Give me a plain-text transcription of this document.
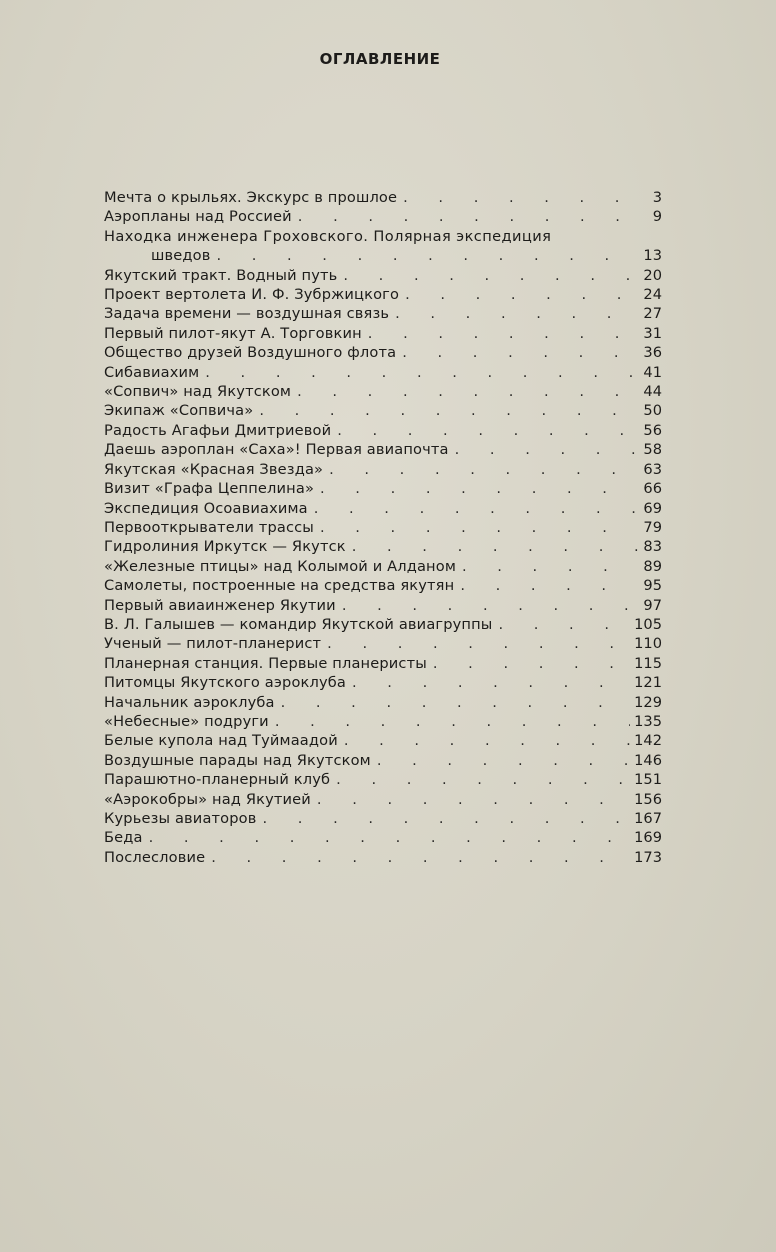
ОГЛАВЛЕНИЕ
Мечта о крыльях. Экскурс в прошлое . . .	3
Аэропланы над Россией . . .	9
Находка инженера Гроховского. Полярная экспедиция
шведов . . .	13
Якутский тракт. Водный путь . . .	20
Проект вертолета И. Ф. Зубржицкого . . .	24
Задача времени — воздушная связь . . .	27
Первый пилот-якут А. Торговкин . . .	31
Общество друзей Воздушного флота . . .	36
Сибавиахим . . .	41
«Сопвич» над Якутском . . .	44
Экипаж «Сопвича» . . .	50
Радость Агафьи Дмитриевой . . .	56
Даешь аэроплан «Саха»! Первая авиапочта . . .	58
Якутская «Красная Звезда» . . .	63
Визит «Графа Цеппелина» . . .	66
Экспедиция Осоавиахима . . .	69
Первооткрыватели трассы . . .	79
Гидролиния Иркутск — Якутск . . .	83
«Железные птицы» над Колымой и Алданом . . .	89
Самолеты, построенные на средства якутян . . .	95
Первый авиаинженер Якутии . . .	97
В. Л. Галышев — командир Якутской авиагруппы . . .	105
Ученый — пилот-планерист . . .	110
Планерная станция. Первые планеристы . . .	115
Питомцы Якутского аэроклуба . . .	121
Начальник аэроклуба . . .	129
«Небесные» подруги . . .	135
Белые купола над Туймаадой . . .	142
Воздушные парады над Якутском . . .	146
Парашютно-планерный клуб . . .	151
«Аэрокобры» над Якутией . . .	156
Курьезы авиаторов . . .	167
Беда . . .	169
Послесловие . . .	173
